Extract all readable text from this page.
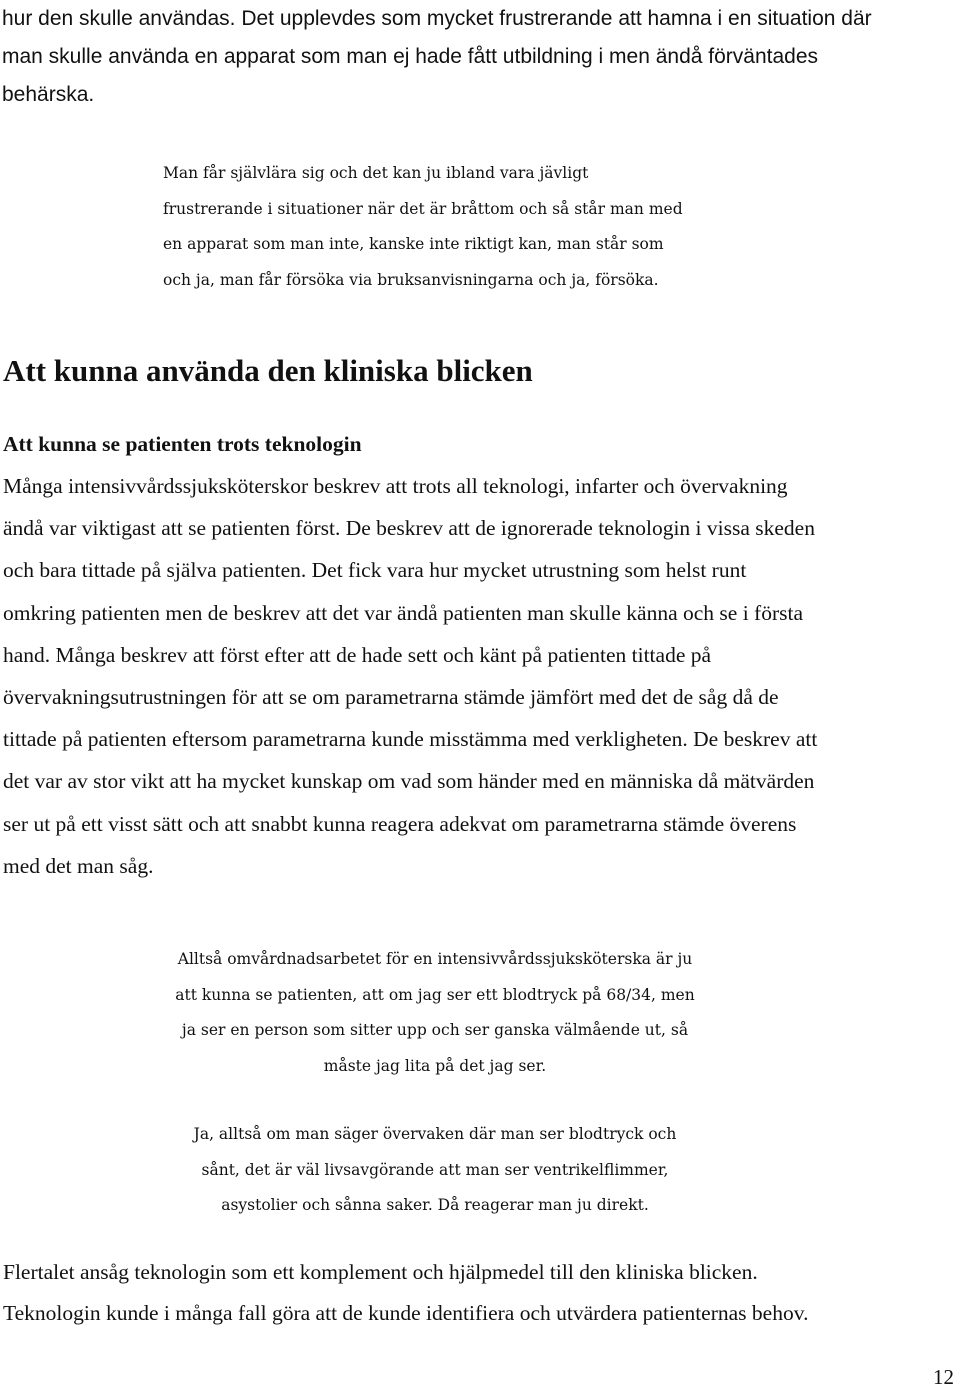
hur den skulle användas. Det upplevdes som mycket frustrerande att hamna i en situation där
man skulle använda en apparat som man ej hade fått utbildning i men ändå förväntades
behärska.
Man får självlära sig och det kan ju ibland vara jävligt
frustrerande i situationer när det är bråttom och så står man med
en apparat som man inte, kanske inte riktigt kan, man står som
och ja, man får försöka via bruksanvisningarna och ja, försöka.
Att kunna använda den kliniska blicken
Att kunna se patienten trots teknologin
Många intensivvårdssjuksköterskor beskrev att trots all teknologi, infarter och övervakning
ändå var viktigast att se patienten först. De beskrev att de ignorerade teknologin i vissa skeden
och bara tittade på själva patienten. Det fick vara hur mycket utrustning som helst runt
omkring patienten men de beskrev att det var ändå patienten man skulle känna och se i första
hand. Många beskrev att först efter att de hade sett och känt på patienten tittade på
övervakningsutrustningen för att se om parametrarna stämde jämfört med det de såg då de
tittade på patienten eftersom parametrarna kunde misstämma med verkligheten. De beskrev att
det var av stor vikt att ha mycket kunskap om vad som händer med en människa då mätvärden
ser ut på ett visst sätt och att snabbt kunna reagera adekvat om parametrarna stämde överens
med det man såg.
Alltså omvårdnadsarbetet för en intensivvårdssjuksköterska är ju
att kunna se patienten, att om jag ser ett blodtryck på 68/34, men
ja ser en person som sitter upp och ser ganska välmående ut, så
måste jag lita på det jag ser.
Ja, alltså om man säger övervaken där man ser blodtryck och
sånt, det är väl livsavgörande att man ser ventrikelflimmer,
asystolier och sånna saker. Då reagerar man ju direkt.
Flertalet ansåg teknologin som ett komplement och hjälpmedel till den kliniska blicken.
Teknologin kunde i många fall göra att de kunde identifiera och utvärdera patienternas behov.
12
